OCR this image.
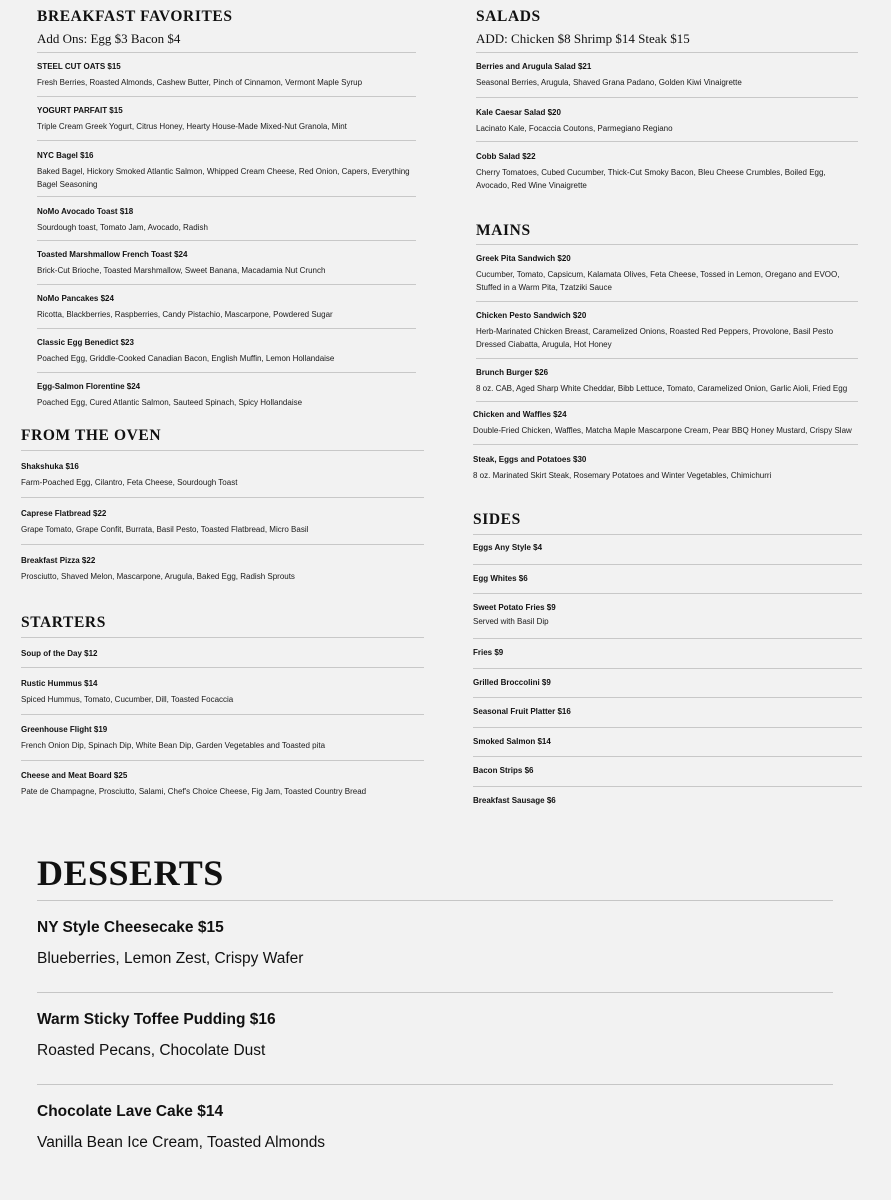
BREAKFAST FAVORITES
Add Ons: Egg $3 Bacon $4
STEEL CUT OATS $15
Fresh Berries, Roasted Almonds, Cashew Butter, Pinch of Cinnamon, Vermont Maple Syrup
YOGURT PARFAIT $15
Triple Cream Greek Yogurt, Citrus Honey, Hearty House-Made Mixed-Nut Granola, Mint
NYC Bagel $16
Baked Bagel, Hickory Smoked Atlantic Salmon, Whipped Cream Cheese, Red Onion, Capers, Everything Bagel Seasoning
NoMo Avocado Toast $18
Sourdough toast, Tomato Jam, Avocado, Radish
Toasted Marshmallow French Toast $24
Brick-Cut Brioche, Toasted Marshmallow, Sweet Banana, Macadamia Nut Crunch
NoMo Pancakes $24
Ricotta, Blackberries, Raspberries, Candy Pistachio, Mascarpone, Powdered Sugar
Classic Egg Benedict $23
Poached Egg, Griddle-Cooked Canadian Bacon, English Muffin, Lemon Hollandaise
Egg-Salmon Florentine $24
Poached Egg, Cured Atlantic Salmon, Sauteed Spinach, Spicy Hollandaise
FROM THE OVEN
Shakshuka $16
Farm-Poached Egg, Cilantro, Feta Cheese, Sourdough Toast
Caprese Flatbread $22
Grape Tomato, Grape Confit, Burrata, Basil Pesto, Toasted Flatbread, Micro Basil
Breakfast Pizza $22
Prosciutto, Shaved Melon, Mascarpone, Arugula, Baked Egg, Radish Sprouts
STARTERS
Soup of the Day $12
Rustic Hummus $14
Spiced Hummus, Tomato, Cucumber, Dill, Toasted Focaccia
Greenhouse Flight $19
French Onion Dip, Spinach Dip, White Bean Dip, Garden Vegetables and Toasted pita
Cheese and Meat Board $25
Pate de Champagne, Prosciutto, Salami, Chef's Choice Cheese, Fig Jam, Toasted Country Bread
SALADS
ADD: Chicken $8 Shrimp $14 Steak $15
Berries and Arugula Salad $21
Seasonal Berries, Arugula, Shaved Grana Padano, Golden Kiwi Vinaigrette
Kale Caesar Salad $20
Lacinato Kale, Focaccia Coutons, Parmegiano Regiano
Cobb Salad $22
Cherry Tomatoes, Cubed Cucumber, Thick-Cut Smoky Bacon, Bleu Cheese Crumbles, Boiled Egg, Avocado, Red Wine Vinaigrette
MAINS
Greek Pita Sandwich $20
Cucumber, Tomato, Capsicum, Kalamata Olives, Feta Cheese, Tossed in Lemon, Oregano and EVOO, Stuffed in a Warm Pita, Tzatziki Sauce
Chicken Pesto Sandwich $20
Herb-Marinated Chicken Breast, Caramelized Onions, Roasted Red Peppers, Provolone, Basil Pesto Dressed Ciabatta, Arugula, Hot Honey
Brunch Burger $26
8 oz. CAB, Aged Sharp White Cheddar, Bibb Lettuce, Tomato, Caramelized Onion, Garlic Aioli, Fried Egg
Chicken and Waffles $24
Double-Fried Chicken, Waffles, Matcha Maple Mascarpone Cream, Pear BBQ Honey Mustard, Crispy Slaw
Steak, Eggs and Potatoes $30
8 oz. Marinated Skirt Steak, Rosemary Potatoes and Winter Vegetables, Chimichurri
SIDES
Eggs Any Style $4
Egg Whites $6
Sweet Potato Fries $9
Served with Basil Dip
Fries $9
Grilled Broccolini $9
Seasonal Fruit Platter $16
Smoked Salmon $14
Bacon Strips $6
Breakfast Sausage $6
DESSERTS
NY Style Cheesecake $15
Blueberries, Lemon Zest, Crispy Wafer
Warm Sticky Toffee Pudding $16
Roasted Pecans, Chocolate Dust
Chocolate Lave Cake $14
Vanilla Bean Ice Cream, Toasted Almonds
